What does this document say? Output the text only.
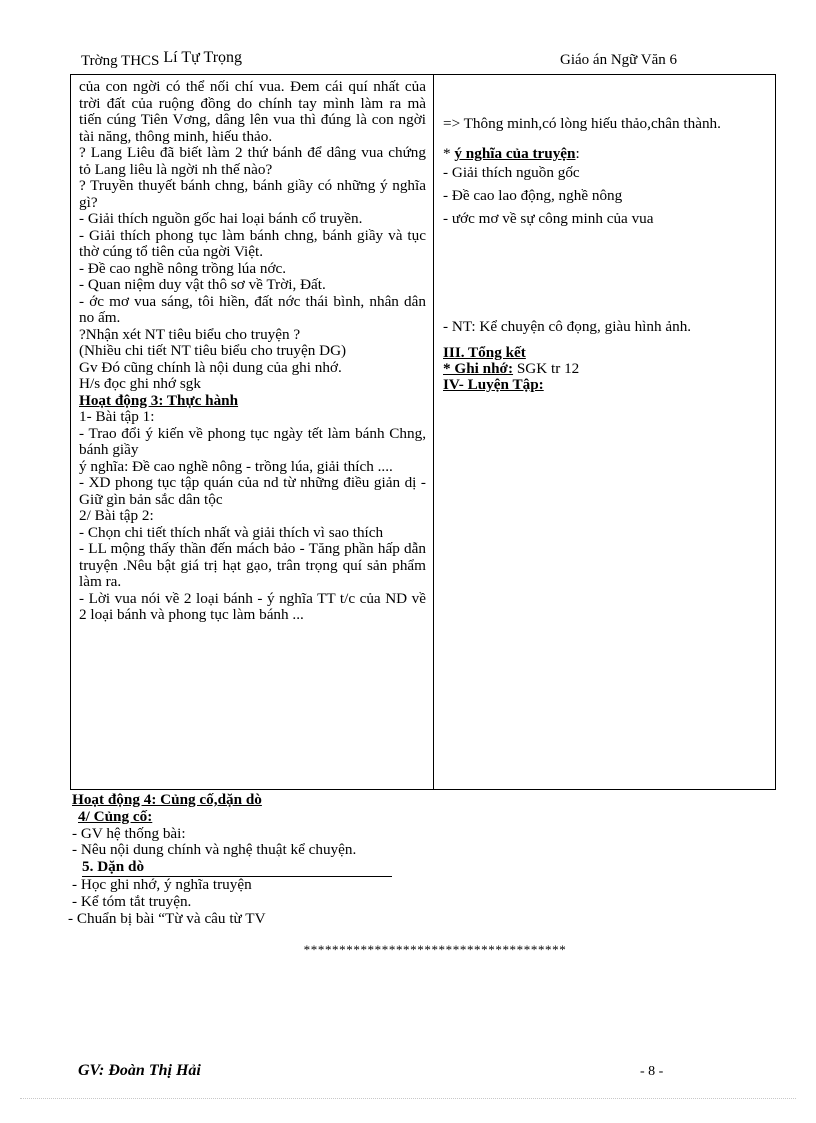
Trờng THCS Lí Tự Trọng	Giáo án Ngữ Văn 6

của con ngời có thể nối chí vua. Đem cái quí nhất của trời đất của ruộng đồng do chính tay mình làm ra mà tiến cúng Tiên Vơng, dâng lên vua thì đúng là con ngời tài năng, thông minh, hiếu thảo.

? Lang Liêu đã biết làm 2 thứ bánh để dâng vua chứng tỏ Lang liêu là ngời nh thế nào?

? Truyền thuyết bánh chng, bánh giầy có những ý nghĩa gì?

- Giải thích nguồn gốc hai loại bánh cổ truyền.

- Giải thích phong tục làm bánh chng, bánh giầy và tục thờ cúng tổ tiên của ngời Việt.

- Đề cao nghề nông trồng lúa nớc.

- Quan niệm duy vật thô sơ về Trời, Đất.

- ớc mơ vua sáng, tôi hiền, đất nớc thái bình, nhân dân no ấm.

?Nhận xét NT tiêu biểu cho truyện ?

(Nhiều chi tiết NT tiêu biểu cho truyện DG)

Gv Đó cũng chính là nội dung của ghi nhớ.

H/s đọc ghi nhớ sgk

Hoạt động 3: Thực hành

1- Bài tập 1:

- Trao đổi ý kiến về phong tục ngày tết làm bánh Chng, bánh giầy

ý nghĩa: Đề cao nghề nông - trồng lúa, giải thích ....

- XD phong tục tập quán của nd từ những điều giản dị - Giữ gìn bản sắc dân tộc

2/ Bài tập 2:

- Chọn chi tiết thích nhất và giải thích vì sao thích

- LL mộng thấy thần đến mách bảo - Tăng phần hấp dẫn truyện .Nêu bật giá trị hạt gạo, trân trọng quí sản phẩm làm ra.

- Lời vua nói về 2 loại bánh - ý nghĩa TT t/c của ND về 2 loại bánh và phong tục làm bánh ...

=> Thông minh,có lòng hiếu thảo,chân thành.

* ý nghĩa của truyện:

- Giải thích nguồn gốc

- Đề cao lao động, nghề nông

- ước mơ về sự công minh của vua

- NT: Kể chuyện cô đọng, giàu hình ảnh.

III. Tổng kết

* Ghi nhớ: SGK tr 12

IV- Luyện Tập:

Hoạt động 4: Củng cố,dặn dò

4/ Củng cố:

- GV hệ thống bài:

- Nêu nội dung chính và nghệ thuật kể chuyện.

5. Dặn dò

- Học ghi nhớ, ý nghĩa truyện

- Kể tóm tắt truyện.

- Chuẩn bị bài “Từ và câu từ TV

*************************************
GV: Đoàn Thị Hải	- 8 -
